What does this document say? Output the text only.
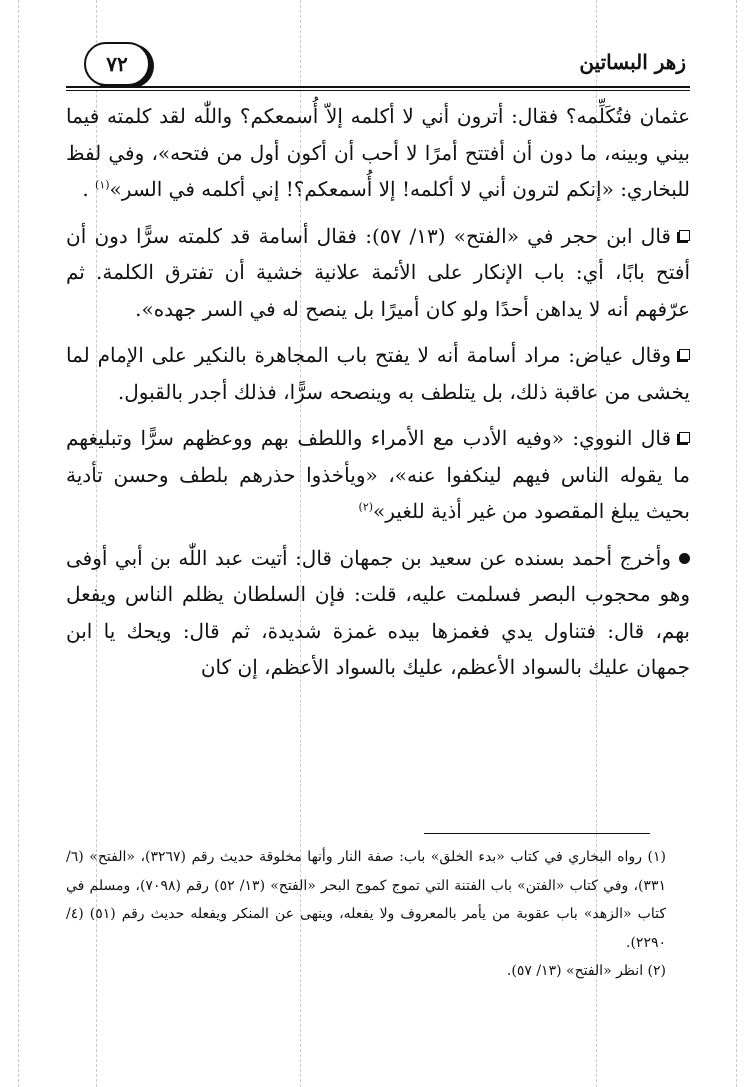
٧٢	زهر البساتين

عثمان فتُكَلِّمه؟ فقال: أترون أني لا أكلمه إلاّ أُسمعكم؟ واللّٰه لقد كلمته فيما بيني وبينه، ما دون أن أفتتح أمرًا لا أحب أن أكون أول من فتحه»، وفي لفظ للبخاري: «إنكم لترون أني لا أكلمه! إلا أُسمعكم؟! إني أكلمه في السر»$^{(١)}$ .

قال ابن حجر في «الفتح» (١٣/ ٥٧): فقال أسامة قد كلمته سرًّا دون أن أفتح بابًا، أي: باب الإنكار على الأئمة علانية خشية أن تفترق الكلمة. ثم عرّفهم أنه لا يداهن أحدًا ولو كان أميرًا بل ينصح له في السر جهده».

وقال عياض: مراد أسامة أنه لا يفتح باب المجاهرة بالنكير على الإمام لما يخشى من عاقبة ذلك، بل يتلطف به وينصحه سرًّا، فذلك أجدر بالقبول.

قال النووي: «وفيه الأدب مع الأمراء واللطف بهم ووعظهم سرًّا وتبليغهم ما يقوله الناس فيهم لينكفوا عنه»، «ويأخذوا حذرهم بلطف وحسن تأدية بحيث يبلغ المقصود من غير أذية للغير»$^{(٢)}$

وأخرج أحمد بسنده عن سعيد بن جمهان قال: أتيت عبد اللّٰه بن أبي أوفى وهو محجوب البصر فسلمت عليه، قلت: فإن السلطان يظلم الناس ويفعل بهم، قال: فتناول يدي فغمزها بيده غمزة شديدة، ثم قال: ويحك يا ابن جمهان عليك بالسواد الأعظم، عليك بالسواد الأعظم، إن كان

(١) رواه البخاري في كتاب «بدء الخلق» باب: صفة النار وأنها مخلوقة حديث رقم (٣٢٦٧)، «الفتح» (٦/ ٣٣١)، وفي كتاب «الفتن» باب الفتنة التي تموج كموج البحر «الفتح» (١٣/ ٥٢) رقم (٧٠٩٨)، ومسلم في كتاب «الزهد» باب عقوبة من يأمر بالمعروف ولا يفعله، وينهى عن المنكر ويفعله حديث رقم (٥١) (٤/ ٢٢٩٠).

(٢) انظر «الفتح» (١٣/ ٥٧).
